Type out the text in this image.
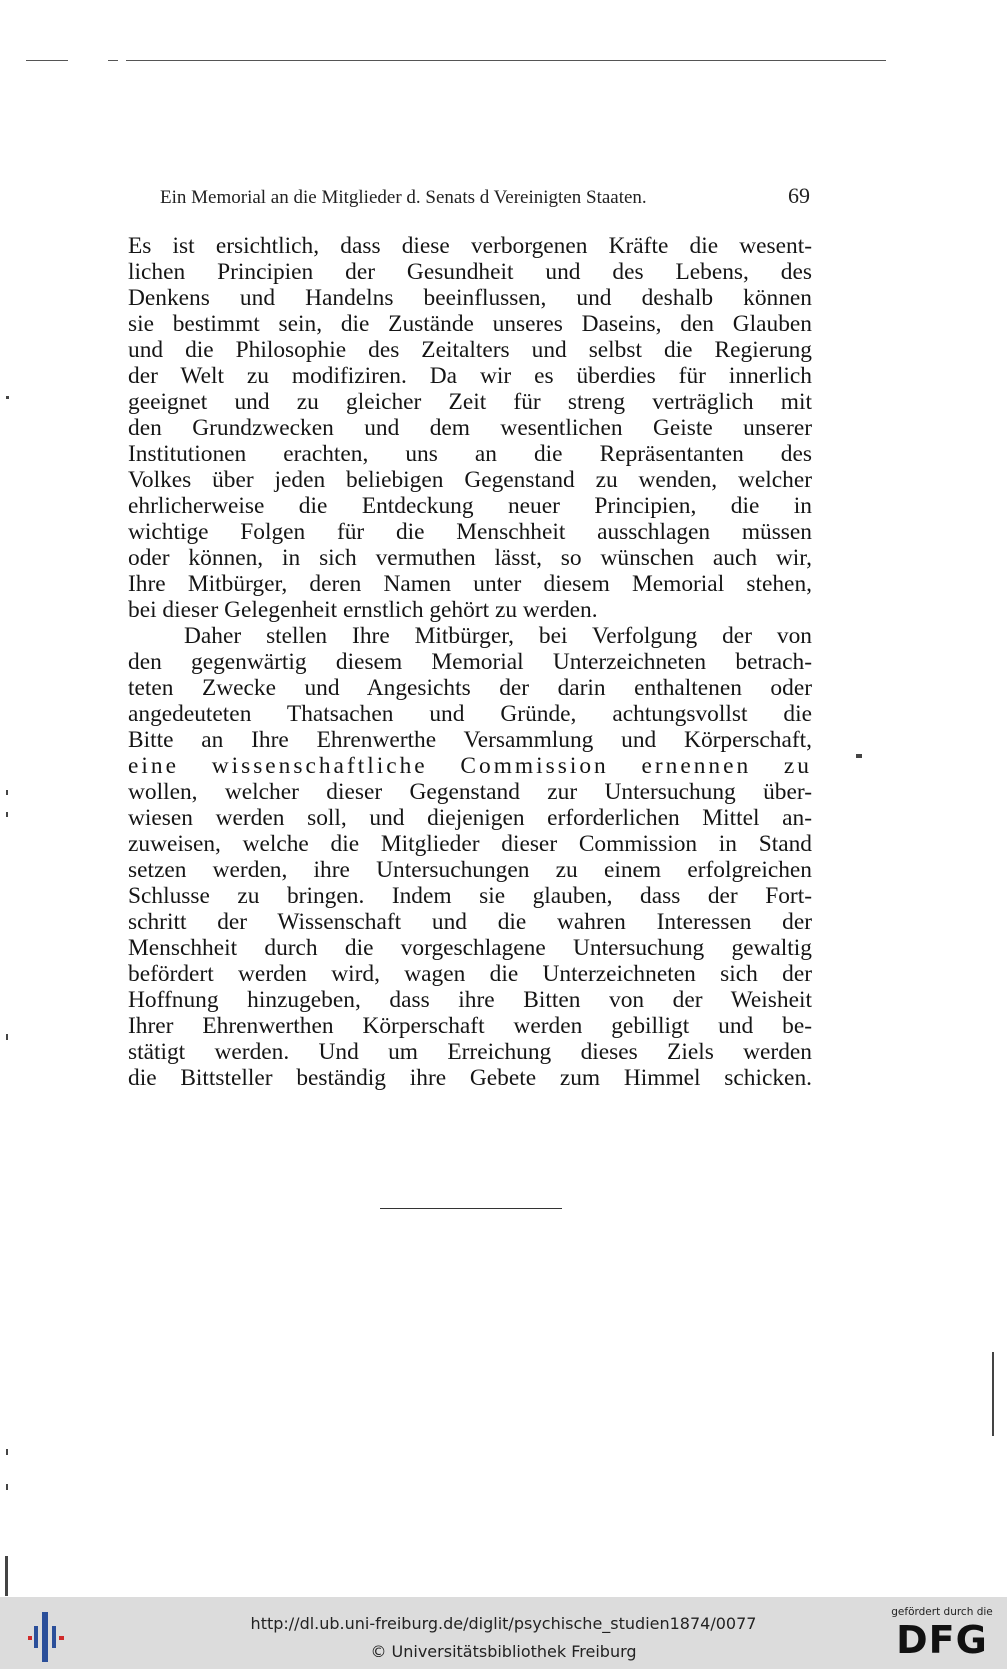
Ein Memorial an die Mitglieder d. Senats d Vereinigten Staaten.	69

Es ist ersichtlich, dass diese verborgenen Kräfte die wesent-
lichen Principien der Gesundheit und des Lebens, des
Denkens und Handelns beeinflussen, und deshalb können
sie bestimmt sein, die Zustände unseres Daseins, den Glauben
und die Philosophie des Zeitalters und selbst die Regierung
der Welt zu modifiziren. Da wir es überdies für innerlich
geeignet und zu gleicher Zeit für streng verträglich mit
den Grundzwecken und dem wesentlichen Geiste unserer
Institutionen erachten, uns an die Repräsentanten des
Volkes über jeden beliebigen Gegenstand zu wenden, welcher
ehrlicherweise die Entdeckung neuer Principien, die in
wichtige Folgen für die Menschheit ausschlagen müssen
oder können, in sich vermuthen lässt, so wünschen auch wir,
Ihre Mitbürger, deren Namen unter diesem Memorial stehen,
bei dieser Gelegenheit ernstlich gehört zu werden.

Daher stellen Ihre Mitbürger, bei Verfolgung der von
den gegenwärtig diesem Memorial Unterzeichneten betrach-
teten Zwecke und Angesichts der darin enthaltenen oder
angedeuteten Thatsachen und Gründe, achtungsvollst die
Bitte an Ihre Ehrenwerthe Versammlung und Körperschaft,
eine wissenschaftliche Commission ernennen zu
wollen, welcher dieser Gegenstand zur Untersuchung über-
wiesen werden soll, und diejenigen erforderlichen Mittel an-
zuweisen, welche die Mitglieder dieser Commission in Stand
setzen werden, ihre Untersuchungen zu einem erfolgreichen
Schlusse zu bringen. Indem sie glauben, dass der Fort-
schritt der Wissenschaft und die wahren Interessen der
Menschheit durch die vorgeschlagene Untersuchung gewaltig
befördert werden wird, wagen die Unterzeichneten sich der
Hoffnung hinzugeben, dass ihre Bitten von der Weisheit
Ihrer Ehrenwerthen Körperschaft werden gebilligt und be-
stätigt werden. Und um Erreichung dieses Ziels werden
die Bittsteller beständig ihre Gebete zum Himmel schicken.

http://dl.ub.uni-freiburg.de/diglit/psychische_studien1874/0077
© Universitätsbibliothek Freiburg
gefördert durch die
DFG
